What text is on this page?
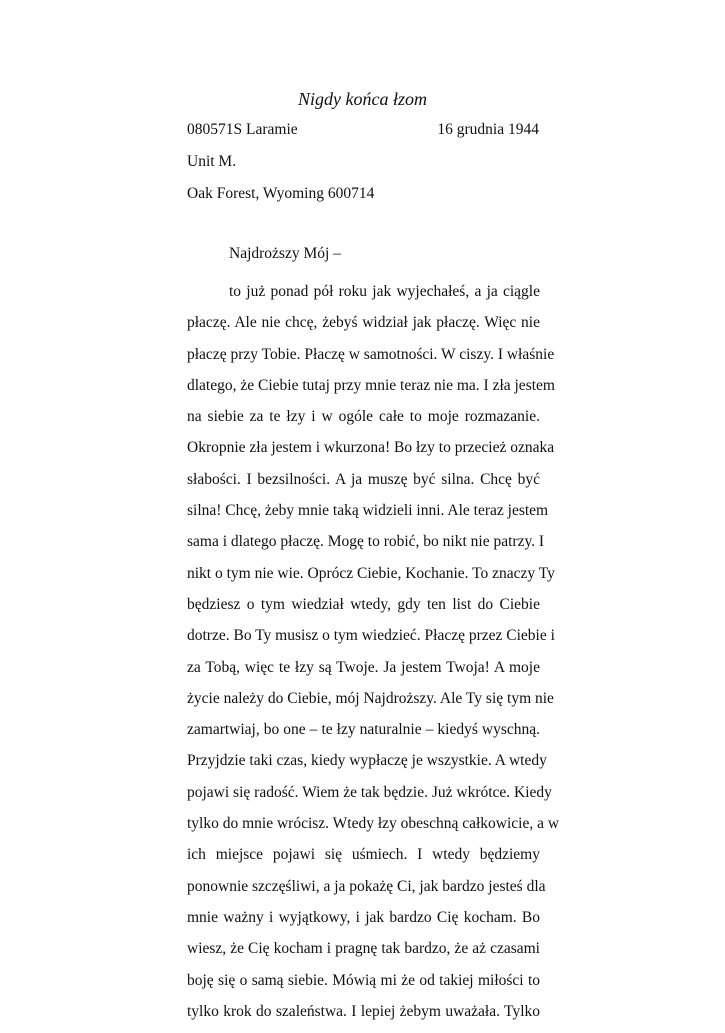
Nigdy końca łzom
080571S Laramie	16 grudnia 1944
Unit M.
Oak Forest, Wyoming 600714
Najdroższy Mój –
to już ponad pół roku jak wyjechałeś, a ja ciągle
płaczę. Ale nie chcę, żebyś widział jak płaczę. Więc nie
płaczę przy Tobie. Płaczę w samotności. W ciszy. I właśnie
dlatego, że Ciebie tutaj przy mnie teraz nie ma. I zła jestem
na siebie za te łzy i w ogóle całe to moje rozmazanie.
Okropnie zła jestem i wkurzona! Bo łzy to przecież oznaka
słabości. I bezsilności. A ja muszę być silna. Chcę być
silna! Chcę, żeby mnie taką widzieli inni. Ale teraz jestem
sama i dlatego płaczę. Mogę to robić, bo nikt nie patrzy. I
nikt o tym nie wie. Oprócz Ciebie, Kochanie. To znaczy Ty
będziesz o tym wiedział wtedy, gdy ten list do Ciebie
dotrze. Bo Ty musisz o tym wiedzieć. Płaczę przez Ciebie i
za Tobą, więc te łzy są Twoje. Ja jestem Twoja! A moje
życie należy do Ciebie, mój Najdroższy. Ale Ty się tym nie
zamartwiaj, bo one – te łzy naturalnie – kiedyś wyschną.
Przyjdzie taki czas, kiedy wypłaczę je wszystkie. A wtedy
pojawi się radość. Wiem że tak będzie. Już wkrótce. Kiedy
tylko do mnie wrócisz. Wtedy łzy obeschną całkowicie, a w
ich miejsce pojawi się uśmiech. I wtedy będziemy
ponownie szczęśliwi, a ja pokażę Ci, jak bardzo jesteś dla
mnie ważny i wyjątkowy, i jak bardzo Cię kocham. Bo
wiesz, że Cię kocham i pragnę tak bardzo, że aż czasami
boję się o samą siebie. Mówią mi że od takiej miłości to
tylko krok do szaleństwa. I lepiej żebym uważała. Tylko
